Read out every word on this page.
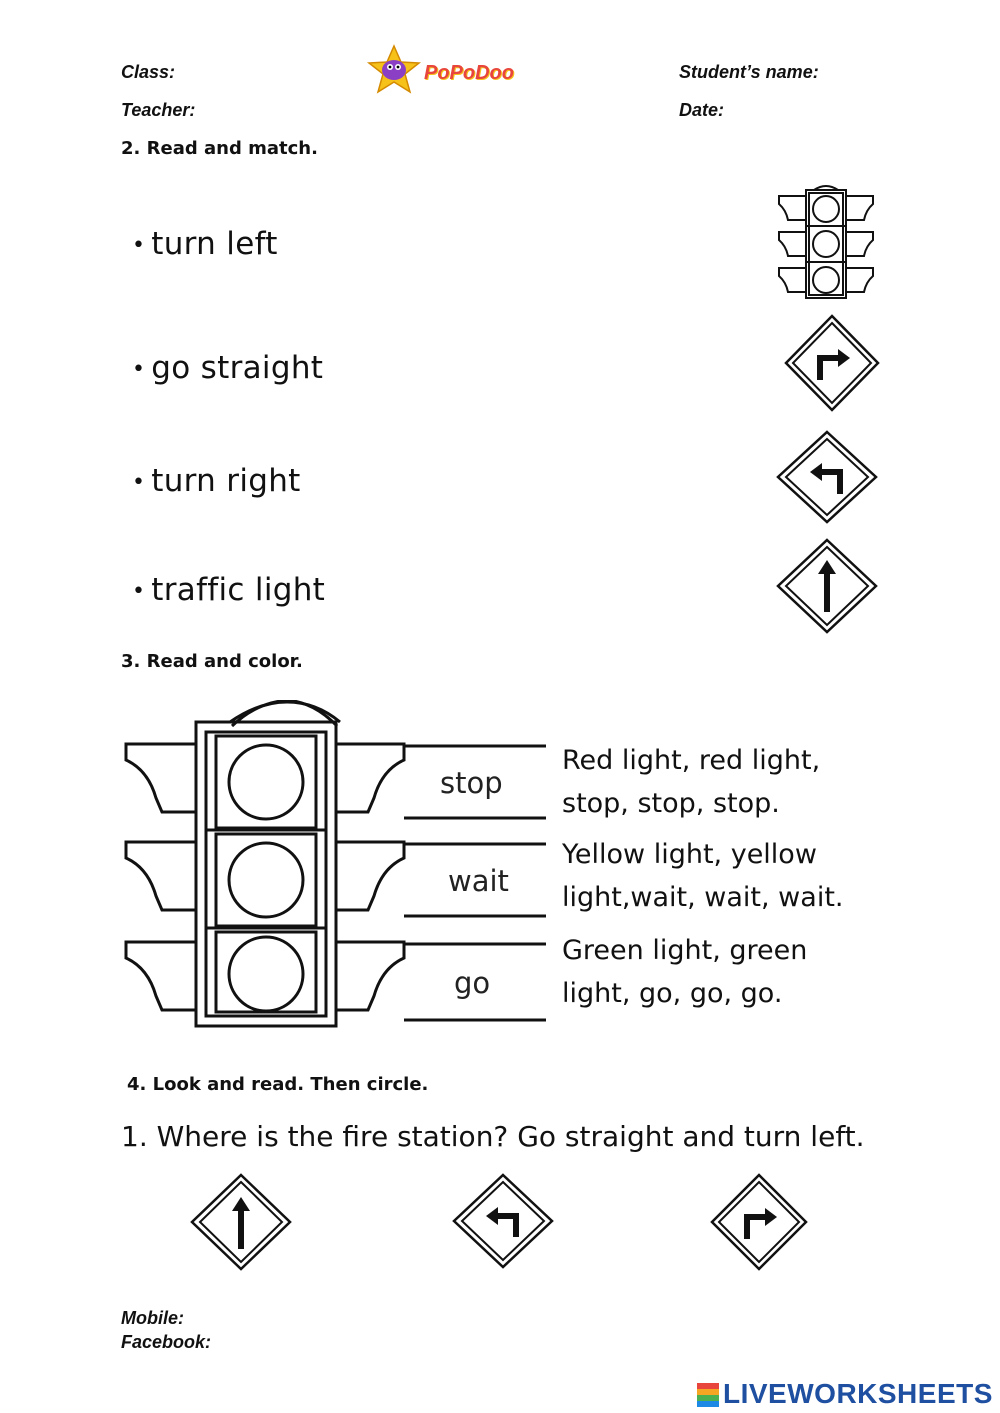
Class:
Teacher:
Student’s name:
Date:
PoPoDoo
2. Read and match.
• turn left
• go straight
• turn right
• traffic light
3. Read and color.
stop
wait
go
Red light, red light, stop, stop, stop.
Yellow light, yellow light,wait, wait, wait.
Green light, green light, go, go, go.
4. Look and read. Then circle.
1. Where is the fire station? Go straight and turn left.
Mobile:
Facebook:

LIVEWORKSHEETS
